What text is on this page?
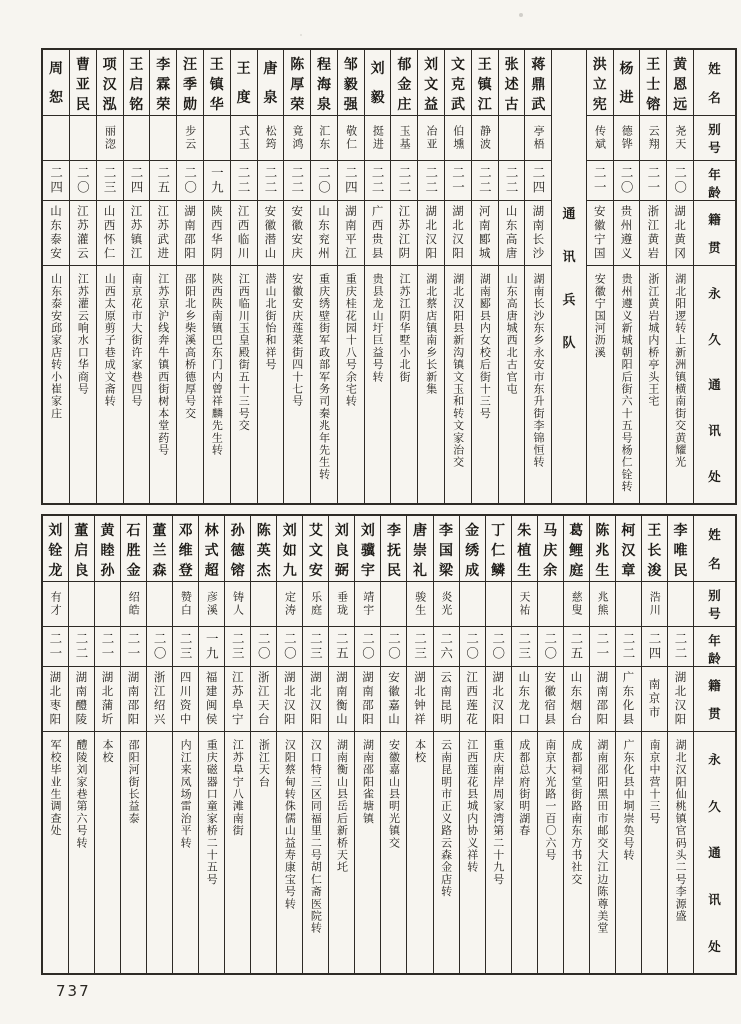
姓
名
别
号
年
龄
籍
贯
永
久
通
讯
处
黄
恩
远
尧天
二〇
湖北黄冈
湖北阳逻转上新洲镇横南街交黄耀光
王
士
镕
云翔
二一
浙江黄岩
浙江黄岩城内桥亭头王宅
杨
进
德铧
二〇
贵州遵义
贵州遵义新城朝阳后街六十五号杨仁铨转
洪
立
宪
传斌
二一
安徽宁国
安徽宁国河沥溪
通
讯
兵
队
蒋
鼎
武
亭梧
二四
湖南长沙
湖南长沙东乡永安市东升街李锦恒转
张
述
古
二二
山东高唐
山东高唐城西北古官屯
王
镇
江
静波
二二
河南郾城
湖南郾县内女校后街十三号
文
克
武
伯壎
二一
湖北汉阳
湖北汉阳县新沟镇文玉和转文家治交
刘
文
益
冶亚
二二
湖北汉阳
湖北蔡店镇南乡长新集
郁
金
庄
玉基
二二
江苏江阴
江苏江阴华墅小北街
刘
毅
挺进
二二
广西贵县
贵县龙山圩巨益号转
邹
毅
强
敬仁
二四
湖南平江
重庆桂花园十八号余宅转
程
海
泉
汇东
二〇
山东兖州
重庆绣壁街军政部军务司秦兆年先生转
陈
厚
荣
竟鸿
二二
安徽安庆
安徽安庆莲菜街四十七号
唐
泉
松筠
二二
安徽潜山
潜山北街怡和祥号
王
度
式玉
二二
江西临川
江西临川玉皇殿街五十三号交
王
镇
华
一九
陕西华阴
陕西陕南镇巴东门内曾祥麟先生转
汪
季
勋
步云
二〇
湖南邵阳
邵阳北乡柴溪高桥德厚号交
李
霖
荣
二五
江苏武进
江苏京沪线奔牛镇西街树本堂药号
王
启
铭
二四
江苏镇江
南京花市大街许家巷四号
项
汉
泓
丽淴
二三
山西怀仁
山西太原剪子巷成文斋转
曹
亚
民
二〇
江苏灌云
江苏灌云响水口华商号
周
恕
二四
山东泰安
山东泰安邱家店转小崔家庄
姓
名
别
号
年
龄
籍
贯
永
久
通
讯
处
李
唯
民
二二
湖北汉阳
湖北汉阳仙桃镇官码头二号李源盛
王
长
浚
浩川
二四
南京市
南京中营十三号
柯
汉
章
二二
广东化县
广东化县中垌崇奂号转
陈
兆
生
兆熊
二一
湖南邵阳
湖南邵阳黑田市邮交大江边陈尊美堂
葛
鲤
庭
慈叟
二五
山东烟台
成都祠堂街路南东方书社交
马
庆
余
二〇
安徽宿县
南京大光路一百〇六号
朱
植
生
天祐
二三
山东龙口
成都总府街明湖春
丁
仁
鳞
二〇
湖北汉阳
重庆南岸周家湾第二十九号
金
绣
成
二〇
江西莲花
江西莲花县城内协义祥转
李
国
梁
炎光
二六
云南昆明
云南昆明市正义路云森金店转
唐
崇
礼
骏生
二三
湖北钟祥
本校
李
抚
民
二〇
安徽嘉山
安徽嘉山县明光镇交
刘
骥
宇
靖宇
二〇
湖南邵阳
湖南邵阳雀塘镇
刘
良
弼
垂珑
二五
湖南衡山
湖南衡山县岳后新桥天圫
艾
文
安
乐庭
二三
湖北汉阳
汉口特三区同福里二号胡仁斋医院转
刘
如
九
定涛
二〇
湖北汉阳
汉阳蔡甸转侏儒山益寿康宝号转
陈
英
杰
二〇
浙江天台
浙江天台
孙
德
镕
铸人
二三
江苏阜宁
江苏阜宁八滩南街
林
式
超
彦溪
一九
福建闽侯
重庆磁器口童家桥二十五号
邓
维
登
赞白
二三
四川资中
内江来凤场雷治平转
董
兰
森
二〇
浙江绍兴
石
胜
金
绍皓
二一
湖南邵阳
邵阳河街长益泰
黄
睦
孙
二一
湖北蒲圻
本校
董
启
良
二二
湖南醴陵
醴陵刘家巷第六号转
刘
铨
龙
有才
二一
湖北枣阳
军校毕业生调查处
737
